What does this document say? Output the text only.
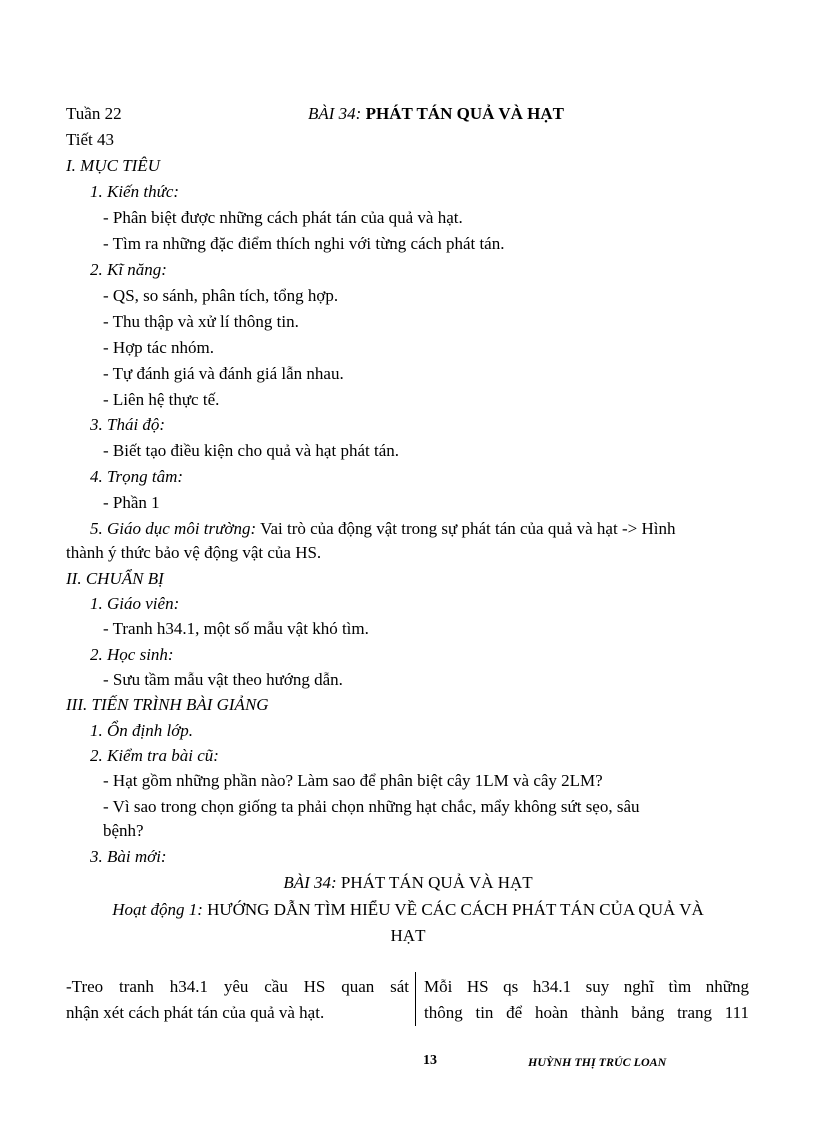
Tuần 22	BÀI 34: PHÁT TÁN QUẢ VÀ HẠT
Tiết 43
I. MỤC TIÊU
1. Kiến thức:
- Phân biệt được những cách phát tán của quả và hạt.
- Tìm ra những đặc điểm thích nghi với từng cách phát tán.
2. Kĩ năng:
- QS, so sánh, phân tích, tổng hợp.
- Thu thập và xử lí thông tin.
- Hợp tác nhóm.
- Tự đánh giá và đánh giá lẫn nhau.
- Liên hệ thực tế.
3. Thái độ:
- Biết tạo điều kiện cho quả và hạt phát tán.
4. Trọng tâm:
- Phần 1
5. Giáo dục môi trường: Vai trò của động vật trong sự phát tán của quả và hạt -> Hình
thành ý thức bảo vệ động vật của HS.
II. CHUẨN BỊ
1. Giáo viên:
- Tranh h34.1, một số mẫu vật khó tìm.
2. Học sinh:
- Sưu tầm mẫu vật theo hướng dẫn.
III. TIẾN TRÌNH BÀI GIẢNG
1. Ổn định lớp.
2. Kiểm tra bài cũ:
- Hạt gồm những phần nào? Làm sao để phân biệt cây 1LM và cây 2LM?
- Vì sao trong chọn giống ta phải chọn những hạt chắc, mẩy không sứt sẹo, sâu
bệnh?
3. Bài mới:
BÀI 34: PHÁT TÁN QUẢ VÀ HẠT
Hoạt động 1: HƯỚNG DẪN TÌM HIỂU VỀ CÁC CÁCH PHÁT TÁN CỦA QUẢ VÀ
HẠT
-Treo tranh h34.1 yêu cầu HS quan sát
nhận xét cách phát tán của quả và hạt.
Mỗi HS qs h34.1 suy nghĩ tìm những
thông tin để hoàn thành bảng trang 111
13	HUỲNH THỊ TRÚC LOAN
